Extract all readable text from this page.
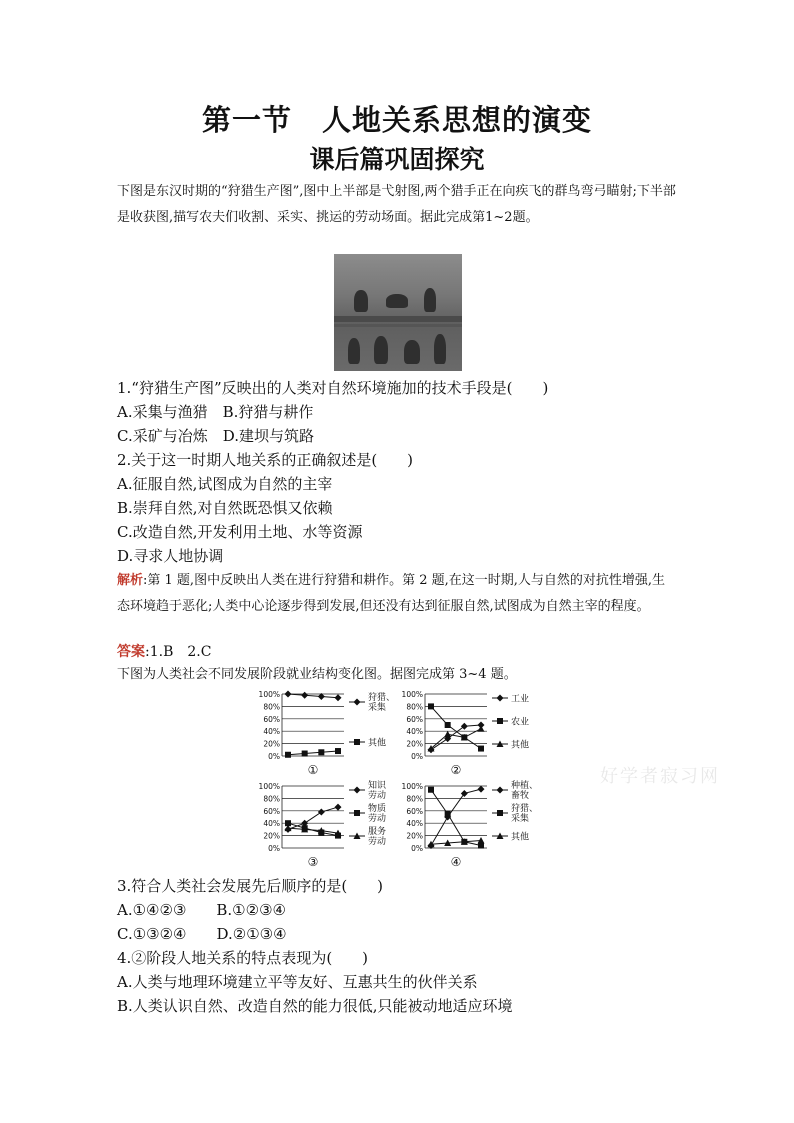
第一节　人地关系思想的演变
课后篇巩固探究
下图是东汉时期的“狩猎生产图”,图中上半部是弋射图,两个猎手正在向疾飞的群鸟弯弓瞄射;下半部是收获图,描写农夫们收割、采实、挑运的劳动场面。据此完成第1~2题。
1.“狩猎生产图”反映出的人类对自然环境施加的技术手段是(　　)
A.采集与渔猎　B.狩猎与耕作
C.采矿与冶炼　D.建坝与筑路
2.关于这一时期人地关系的正确叙述是(　　)
A.征服自然,试图成为自然的主宰
B.崇拜自然,对自然既恐惧又依赖
C.改造自然,开发利用土地、水等资源
D.寻求人地协调
解析:第 1 题,图中反映出人类在进行狩猎和耕作。第 2 题,在这一时期,人与自然的对抗性增强,生态环境趋于恶化;人类中心论逐步得到发展,但还没有达到征服自然,试图成为自然主宰的程度。
答案:1.B　2.C
下图为人类社会不同发展阶段就业结构变化图。据图完成第 3~4 题。
100%
80%
60%
40%
20%
0%
狩猎、
采集
其他
①
100%
80%
60%
40%
20%
0%
工业
农业
其他
②
100%
80%
60%
40%
20%
0%
知识
劳动
物质
劳动
服务
劳动
③
100%
80%
60%
40%
20%
0%
种植、
畜牧
狩猎、
采集
其他
④
好学者寂习网
3.符合人类社会发展先后顺序的是(　　)
A.①④②③　　B.①②③④
C.①③②④　　D.②①③④
4.②阶段人地关系的特点表现为(　　)
A.人类与地理环境建立平等友好、互惠共生的伙伴关系
B.人类认识自然、改造自然的能力很低,只能被动地适应环境
